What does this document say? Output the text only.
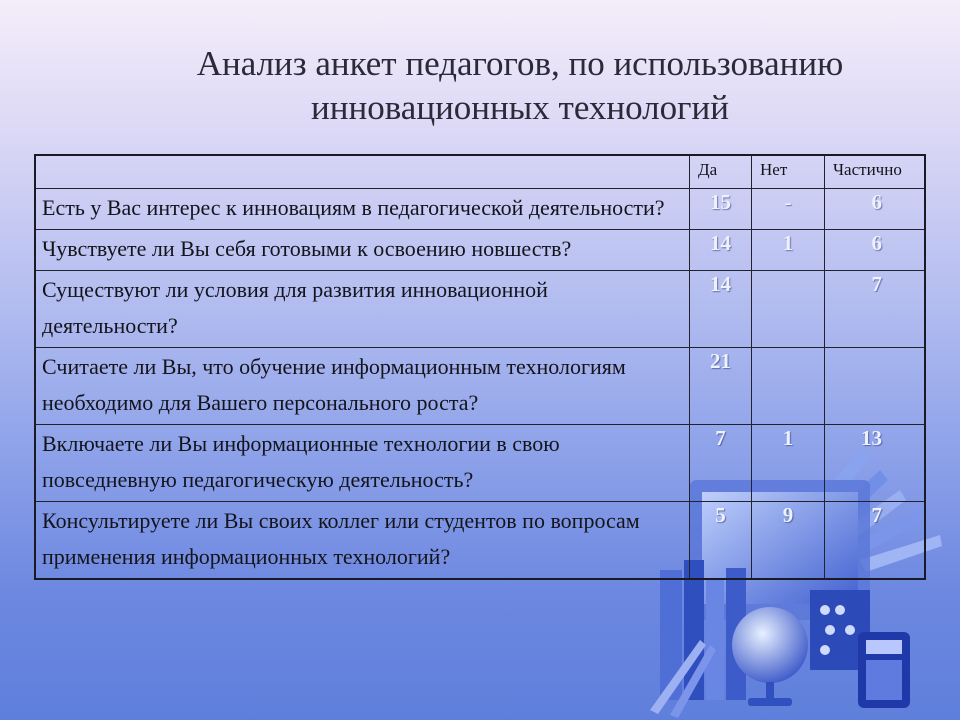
Анализ анкет педагогов, по использованию
инновационных технологий
	Да	Нет	Частично
Есть у Вас интерес к инновациям в педагогической деятельности?	15	-	6
Чувствуете ли Вы себя готовыми к освоению новшеств?	14	1	6
Существуют ли условия для развития инновационной деятельности?	14		7
Считаете ли Вы, что обучение информационным технологиям необходимо для Вашего персонального роста?	21		
Включаете ли Вы информационные технологии в свою повседневную педагогическую деятельность?	7	1	13
Консультируете ли Вы своих коллег или студентов по вопросам применения информационных технологий?	5	9	7
